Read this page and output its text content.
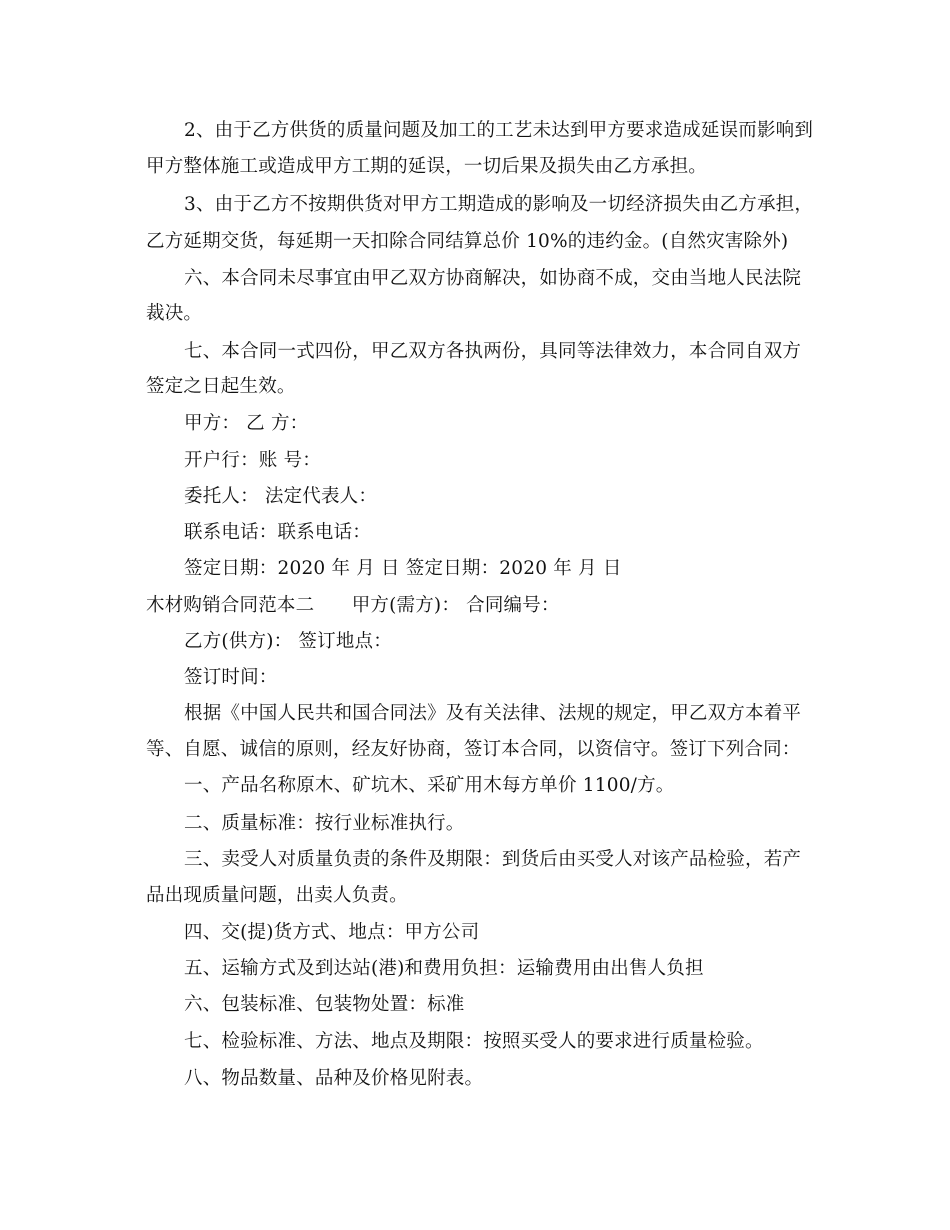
2、由于乙方供货的质量问题及加工的工艺未达到甲方要求造成延误而影响到
甲方整体施工或造成甲方工期的延误，一切后果及损失由乙方承担。
3、由于乙方不按期供货对甲方工期造成的影响及一切经济损失由乙方承担，
乙方延期交货，每延期一天扣除合同结算总价 10%的违约金。(自然灾害除外)
六、本合同未尽事宜由甲乙双方协商解决，如协商不成，交由当地人民法院
裁决。
七、本合同一式四份，甲乙双方各执两份，具同等法律效力，本合同自双方
签定之日起生效。
甲方： 乙 方：
开户行：账 号：
委托人： 法定代表人：
联系电话：联系电话：
签定日期：2020 年 月 日 签定日期：2020 年 月 日
木材购销合同范本二　　甲方(需方)： 合同编号：
乙方(供方)： 签订地点：
签订时间：
根据《中国人民共和国合同法》及有关法律、法规的规定，甲乙双方本着平
等、自愿、诚信的原则，经友好协商，签订本合同，以资信守。签订下列合同：
一、产品名称原木、矿坑木、采矿用木每方单价 1100/方。
二、质量标准：按行业标准执行。
三、卖受人对质量负责的条件及期限：到货后由买受人对该产品检验，若产
品出现质量问题，出卖人负责。
四、交(提)货方式、地点：甲方公司
五、运输方式及到达站(港)和费用负担：运输费用由出售人负担
六、包装标准、包装物处置：标准
七、检验标准、方法、地点及期限：按照买受人的要求进行质量检验。
八、物品数量、品种及价格见附表。
